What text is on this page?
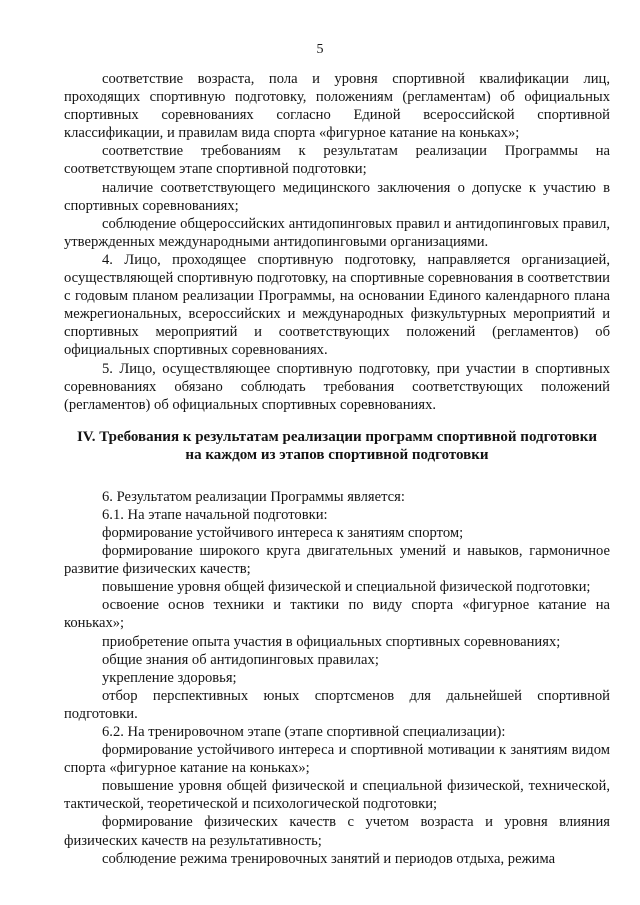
5

соответствие возраста, пола и уровня спортивной квалификации лиц, проходящих спортивную подготовку, положениям (регламентам) об официальных спортивных соревнованиях согласно Единой всероссийской спортивной классификации, и правилам вида спорта «фигурное катание на коньках»;

соответствие требованиям к результатам реализации Программы на соответствующем этапе спортивной подготовки;

наличие соответствующего медицинского заключения о допуске к участию в спортивных соревнованиях;

соблюдение общероссийских антидопинговых правил и антидопинговых правил, утвержденных международными антидопинговыми организациями.

4. Лицо, проходящее спортивную подготовку, направляется организацией, осуществляющей спортивную подготовку, на спортивные соревнования в соответствии с годовым планом реализации Программы, на основании Единого календарного плана межрегиональных, всероссийских и международных физкультурных мероприятий и спортивных мероприятий и соответствующих положений (регламентов) об официальных спортивных соревнованиях.

5. Лицо, осуществляющее спортивную подготовку, при участии в спортивных соревнованиях обязано соблюдать требования соответствующих положений (регламентов) об официальных спортивных соревнованиях.

IV. Требования к результатам реализации программ спортивной подготовки
на каждом из этапов спортивной подготовки

6. Результатом реализации Программы является:

6.1. На этапе начальной подготовки:

формирование устойчивого интереса к занятиям спортом;

формирование широкого круга двигательных умений и навыков, гармоничное развитие физических качеств;

повышение уровня общей физической и специальной физической подготовки;

освоение основ техники и тактики по виду спорта «фигурное катание на коньках»;

приобретение опыта участия в официальных спортивных соревнованиях;

общие знания об антидопинговых правилах;

укрепление здоровья;

отбор перспективных юных спортсменов для дальнейшей спортивной подготовки.

6.2. На тренировочном этапе (этапе спортивной специализации):

формирование устойчивого интереса и спортивной мотивации к занятиям видом спорта «фигурное катание на коньках»;

повышение уровня общей физической и специальной физической, технической, тактической, теоретической и психологической подготовки;

формирование физических качеств с учетом возраста и уровня влияния физических качеств на результативность;

соблюдение режима тренировочных занятий и периодов отдыха, режима
